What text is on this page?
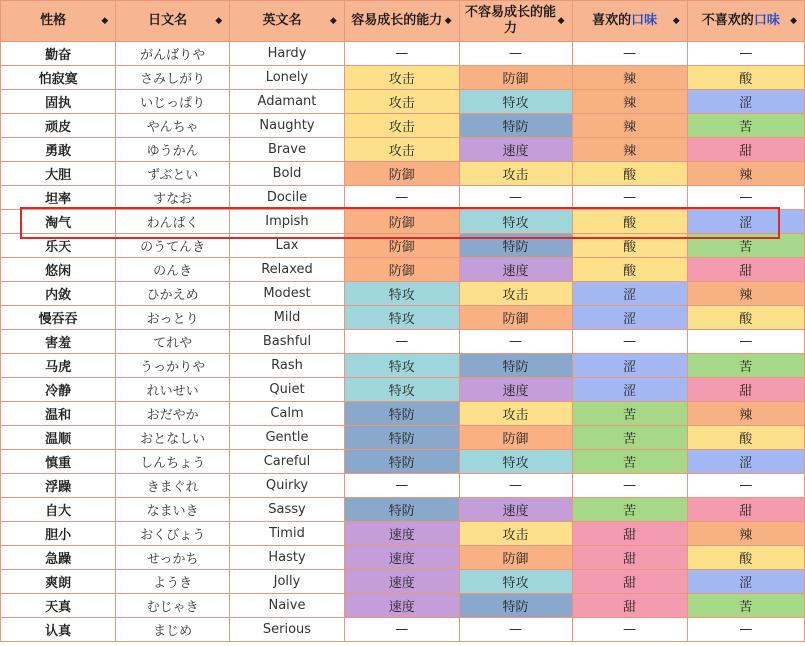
性格 ◆	日文名 ◆	英文名 ◆	容易成长的能力 ◆	不容易成长的能力 ◆	喜欢的口味 ◆	不喜欢的口味 ◆

勤奋	がんばりや	Hardy	—	—	—	—
怕寂寞	さみしがり	Lonely	攻击	防御	辣	酸
固执	いじっぱり	Adamant	攻击	特攻	辣	涩
顽皮	やんちゃ	Naughty	攻击	特防	辣	苦
勇敢	ゆうかん	Brave	攻击	速度	辣	甜
大胆	ずぶとい	Bold	防御	攻击	酸	辣
坦率	すなお	Docile	—	—	—	—
淘气	わんぱく	Impish	防御	特攻	酸	涩
乐天	のうてんき	Lax	防御	特防	酸	苦
悠闲	のんき	Relaxed	防御	速度	酸	甜
内敛	ひかえめ	Modest	特攻	攻击	涩	辣
慢吞吞	おっとり	Mild	特攻	防御	涩	酸
害羞	てれや	Bashful	—	—	—	—
马虎	うっかりや	Rash	特攻	特防	涩	苦
冷静	れいせい	Quiet	特攻	速度	涩	甜
温和	おだやか	Calm	特防	攻击	苦	辣
温顺	おとなしい	Gentle	特防	防御	苦	酸
慎重	しんちょう	Careful	特防	特攻	苦	涩
浮躁	きまぐれ	Quirky	—	—	—	—
自大	なまいき	Sassy	特防	速度	苦	甜
胆小	おくびょう	Timid	速度	攻击	甜	辣
急躁	せっかち	Hasty	速度	防御	甜	酸
爽朗	ようき	Jolly	速度	特攻	甜	涩
天真	むじゃき	Naive	速度	特防	甜	苦
认真	まじめ	Serious	—	—	—	—
